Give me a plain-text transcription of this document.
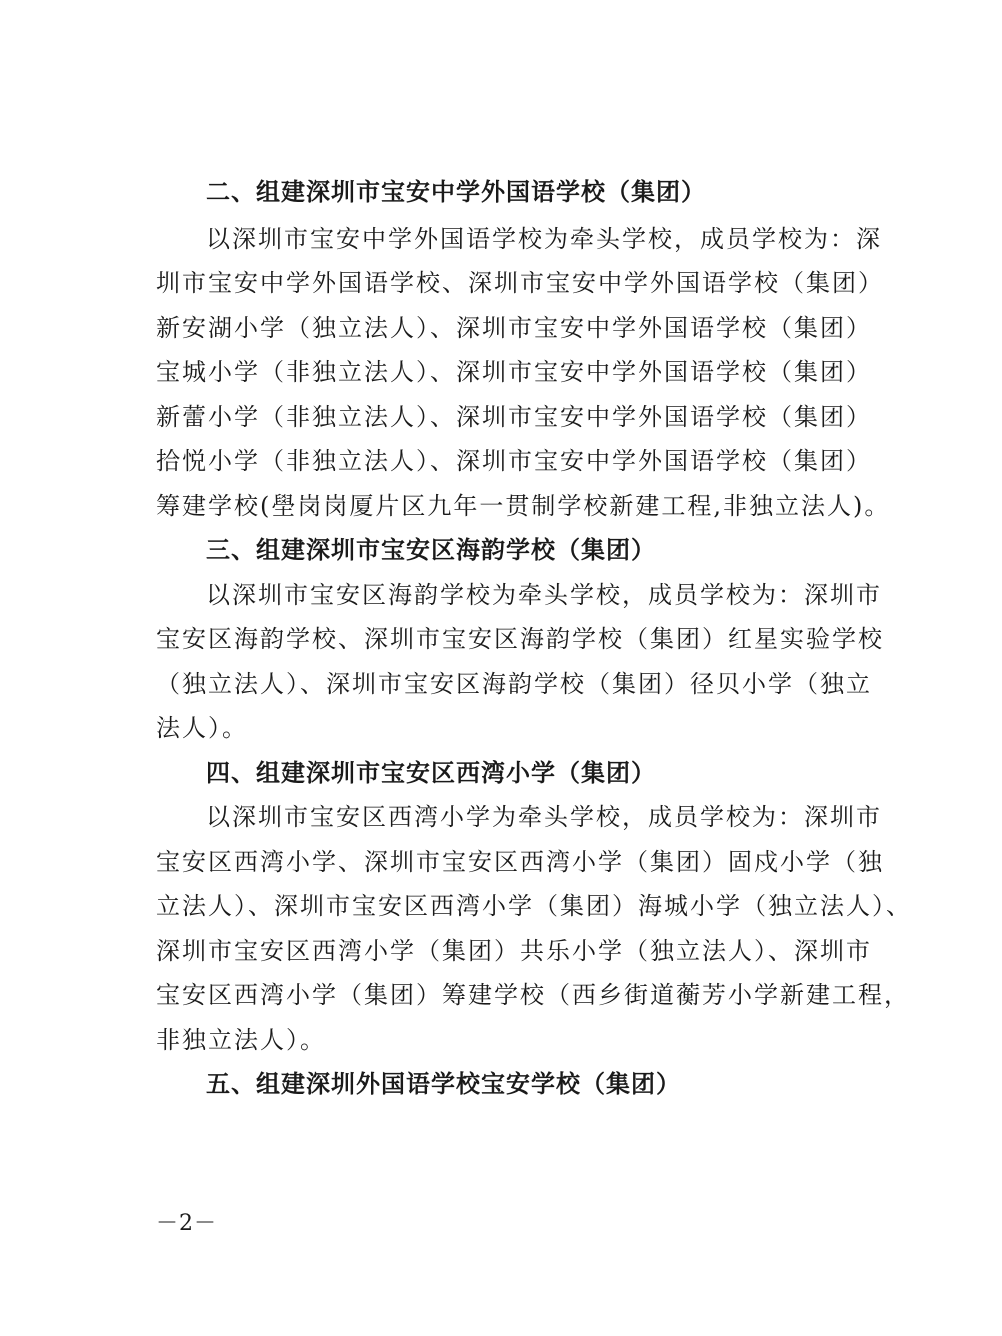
二、组建深圳市宝安中学外国语学校（集团）
以深圳市宝安中学外国语学校为牵头学校，成员学校为：深
圳市宝安中学外国语学校、深圳市宝安中学外国语学校（集团）
新安湖小学（独立法人）、深圳市宝安中学外国语学校（集团）
宝城小学（非独立法人）、深圳市宝安中学外国语学校（集团）
新蕾小学（非独立法人）、深圳市宝安中学外国语学校（集团）
拾悦小学（非独立法人）、深圳市宝安中学外国语学校（集团）
筹建学校(壆岗岗厦片区九年一贯制学校新建工程,非独立法人)。
三、组建深圳市宝安区海韵学校（集团）
以深圳市宝安区海韵学校为牵头学校，成员学校为：深圳市
宝安区海韵学校、深圳市宝安区海韵学校（集团）红星实验学校
（独立法人）、深圳市宝安区海韵学校（集团）径贝小学（独立
法人）。
四、组建深圳市宝安区西湾小学（集团）
以深圳市宝安区西湾小学为牵头学校，成员学校为：深圳市
宝安区西湾小学、深圳市宝安区西湾小学（集团）固戍小学（独
立法人）、深圳市宝安区西湾小学（集团）海城小学（独立法人）、
深圳市宝安区西湾小学（集团）共乐小学（独立法人）、深圳市
宝安区西湾小学（集团）筹建学校（西乡街道蘅芳小学新建工程，
非独立法人）。
五、组建深圳外国语学校宝安学校（集团）
－2－
